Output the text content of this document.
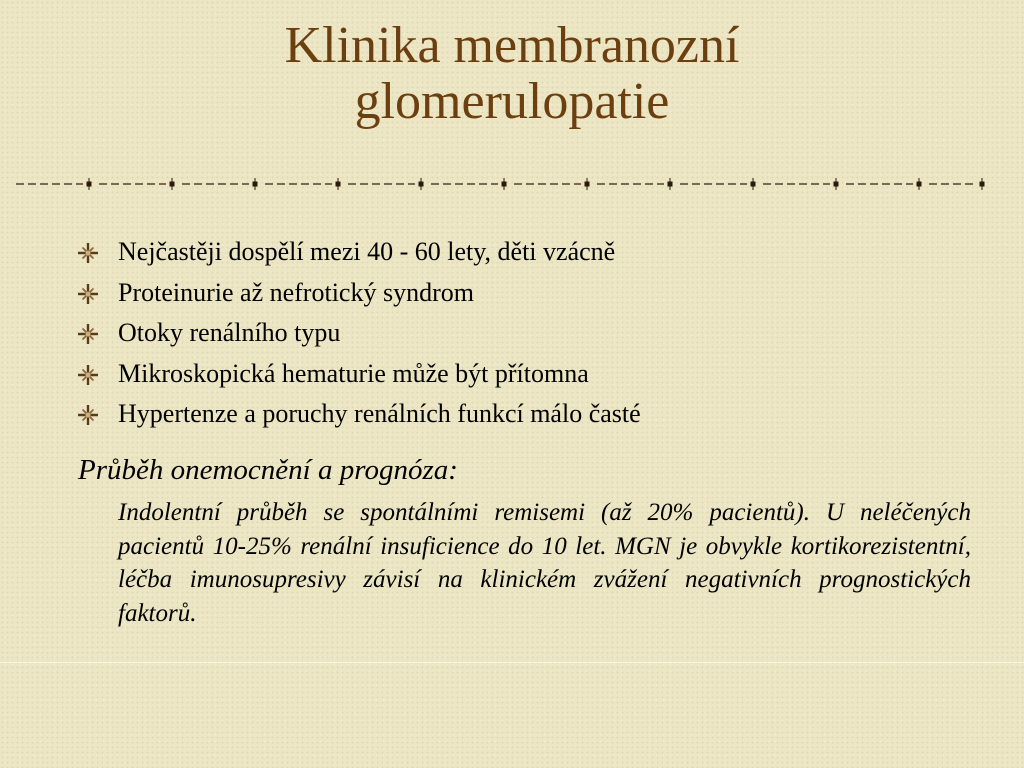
Klinika membranozní
glomerulopatie
Nejčastěji dospělí mezi 40 - 60 lety, děti vzácně
Proteinurie až nefrotický syndrom
Otoky renálního typu
Mikroskopická hematurie může být přítomna
Hypertenze a poruchy renálních funkcí málo časté
Průběh onemocnění a prognóza:

Indolentní průběh se spontálními remisemi (až 20% pacientů). U neléčených pacientů 10-25% renální insuficience do 10 let. MGN je obvykle kortikorezistentní, léčba imunosupresivy závisí na klinickém zvážení negativních prognostických faktorů.
